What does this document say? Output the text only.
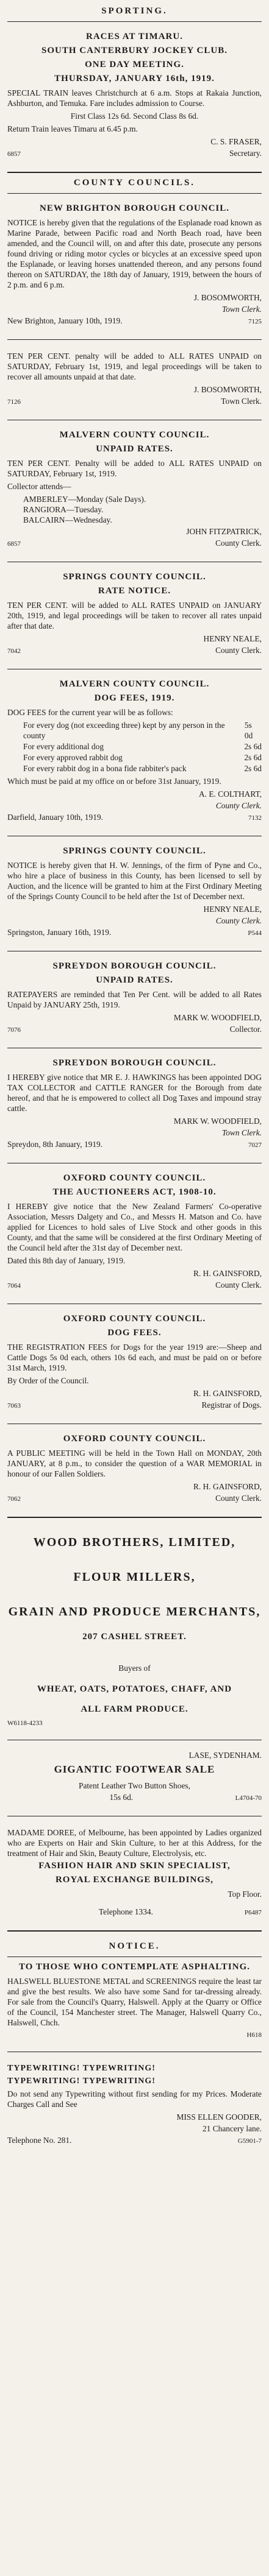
SPORTING.
RACES AT TIMARU.
SOUTH CANTERBURY JOCKEY CLUB.
ONE DAY MEETING.
THURSDAY, JANUARY 16th, 1919.
SPECIAL TRAIN leaves Christchurch at 6 a.m. Stops at Rakaia Junction, Ashburton, and Temuka. Fare includes admission to Course.
First Class 12s 6d. Second Class 8s 6d.
Return Train leaves Timaru at 6.45 p.m.
C. S. FRASER,
6857	Secretary.
COUNTY COUNCILS.
NEW BRIGHTON BOROUGH COUNCIL.
NOTICE is hereby given that the regulations of the Esplanade road known as Marine Parade, between Pacific road and North Beach road, have been amended, and the Council will, on and after this date, prosecute any persons found driving or riding motor cycles or bicycles at an excessive speed upon the Esplanade, or leaving horses unattended thereon, and any persons found thereon on SATURDAY, the 18th day of January, 1919, between the hours of 2 p.m. and 6 p.m.
J. BOSOMWORTH,
Town Clerk.
New Brighton, January 10th, 1919.	7125
TEN PER CENT. penalty will be added to ALL RATES UNPAID on SATURDAY, February 1st, 1919, and legal proceedings will be taken to recover all amounts unpaid at that date.
J. BOSOMWORTH,
7126	Town Clerk.
MALVERN COUNTY COUNCIL.
UNPAID RATES.
TEN PER CENT. Penalty will be added to ALL RATES UNPAID on SATURDAY, February 1st, 1919.
Collector attends—
AMBERLEY—Monday (Sale Days).
RANGIORA—Tuesday.
BALCAIRN—Wednesday.
JOHN FITZPATRICK,
6857	County Clerk.
SPRINGS COUNTY COUNCIL.
RATE NOTICE.
TEN PER CENT. will be added to ALL RATES UNPAID on JANUARY 20th, 1919, and legal proceedings will be taken to recover all rates unpaid after that date.
HENRY NEALE,
7042	County Clerk.
MALVERN COUNTY COUNCIL.
DOG FEES, 1919.
DOG FEES for the current year will be as follows:
For every dog (not exceeding three) kept by any person in the county
5s 0d
For every additional dog	2s 6d
For every approved rabbit dog	2s 6d
For every rabbit dog in a bona fide rabbiter's pack	2s 6d
Which must be paid at my office on or before 31st January, 1919.
A. E. COLTHART,
County Clerk.
Darfield, January 10th, 1919.	7132
SPRINGS COUNTY COUNCIL.
NOTICE is hereby given that H. W. Jennings, of the firm of Pyne and Co., who hire a place of business in this County, has been licensed to sell by Auction, and the licence will be granted to him at the First Ordinary Meeting of the Springs County Council to be held after the 1st of December next.
HENRY NEALE,
County Clerk.
Springston, January 16th, 1919.	P544
SPREYDON BOROUGH COUNCIL.
UNPAID RATES.
RATEPAYERS are reminded that Ten Per Cent. will be added to all Rates Unpaid by JANUARY 25th, 1919.
MARK W. WOODFIELD,
7076	Collector.
SPREYDON BOROUGH COUNCIL.
I HEREBY give notice that MR E. J. HAWKINGS has been appointed DOG TAX COLLECTOR and CATTLE RANGER for the Borough from date hereof, and that he is empowered to collect all Dog Taxes and impound stray cattle.
MARK W. WOODFIELD,
Town Clerk.
Spreydon, 8th January, 1919.	7027
OXFORD COUNTY COUNCIL.
THE AUCTIONEERS ACT, 1908-10.
I HEREBY give notice that the New Zealand Farmers' Co-operative Association, Messrs Dalgety and Co., and Messrs H. Matson and Co. have applied for Licences to hold sales of Live Stock and other goods in this County, and that the same will be considered at the first Ordinary Meeting of the Council held after the 31st day of December next.
Dated this 8th day of January, 1919.
R. H. GAINSFORD,
7064	County Clerk.
OXFORD COUNTY COUNCIL.
DOG FEES.
THE REGISTRATION FEES for Dogs for the year 1919 are:—Sheep and Cattle Dogs 5s 0d each, others 10s 6d each, and must be paid on or before 31st March, 1919.
By Order of the Council.
R. H. GAINSFORD,
7063	Registrar of Dogs.
OXFORD COUNTY COUNCIL.
A PUBLIC MEETING will be held in the Town Hall on MONDAY, 20th JANUARY, at 8 p.m., to consider the question of a WAR MEMORIAL in honour of our Fallen Soldiers.
R. H. GAINSFORD,
7062	County Clerk.
WOOD BROTHERS, LIMITED,
FLOUR MILLERS,
GRAIN AND PRODUCE MERCHANTS,
207 CASHEL STREET.
Buyers of
WHEAT, OATS, POTATOES, CHAFF, AND
ALL FARM PRODUCE.
W6118-4233
LASE, SYDENHAM.
GIGANTIC FOOTWEAR SALE
Patent Leather Two Button Shoes,
15s 6d.	L4704-70
MADAME DOREE, of Melbourne, has been appointed by Ladies organized who are Experts on Hair and Skin Culture, to her at this Address, for the treatment of Hair and Skin, Beauty Culture, Electrolysis, etc.
FASHION HAIR AND SKIN SPECIALIST,
ROYAL EXCHANGE BUILDINGS,
Top Floor.
Telephone 1334.	P6487
NOTICE.
TO THOSE WHO CONTEMPLATE ASPHALTING.
HALSWELL BLUESTONE METAL and SCREENINGS require the least tar and give the best results. We also have some Sand for tar-dressing already. For sale from the Council's Quarry, Halswell. Apply at the Quarry or Office of the Council, 154 Manchester street. The Manager, Halswell Quarry Co., Halswell, Chch.
H618
TYPEWRITING! TYPEWRITING!
TYPEWRITING! TYPEWRITING!
Do not send any Typewriting without first sending for my Prices. Moderate Charges Call and See
MISS ELLEN GOODER,
21 Chancery lane.
Telephone No. 281.	G5901-7
